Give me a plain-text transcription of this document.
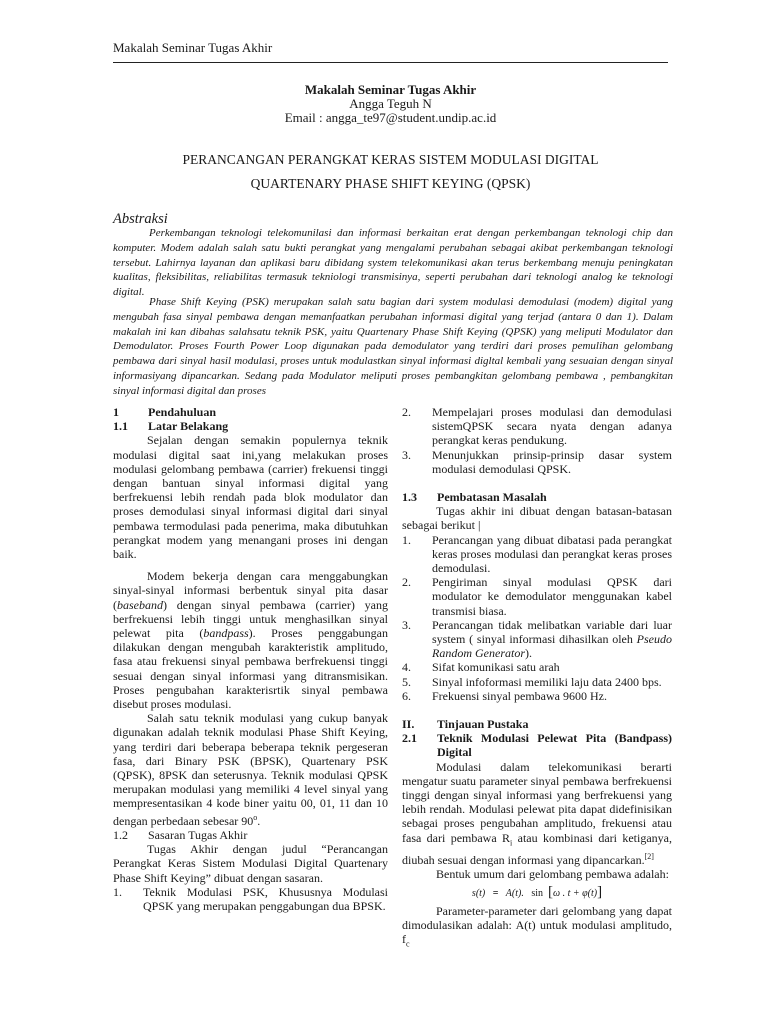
Makalah Seminar Tugas Akhir
Makalah Seminar Tugas Akhir
Angga Teguh N
Email : angga_te97@student.undip.ac.id
PERANCANGAN PERANGKAT KERAS SISTEM MODULASI DIGITAL
QUARTENARY PHASE SHIFT KEYING (QPSK)
Abstraksi
Perkembangan teknologi telekomunilasi dan informasi berkaitan erat dengan perkembangan teknologi chip dan komputer. Modem adalah salah satu bukti perangkat yang mengalami perubahan sebagai akibat perkembangan teknologi tersebut. Lahirnya layanan dan aplikasi baru dibidang system telekomunikasi akan terus berkembang menuju peningkatan kualitas, fleksibilitas, reliabilitas termasuk tekniologi transmisinya, seperti perubahan dari teknologi analog ke teknologi digital.
Phase Shift Keying (PSK) merupakan salah satu bagian dari system modulasi demodulasi (modem) digital yang mengubah fasa sinyal pembawa dengan memanfaatkan perubahan informasi digital yang terjad (antara 0 dan 1). Dalam makalah ini kan dibahas salahsatu teknik PSK, yaitu Quartenary Phase Shift Keying (QPSK) yang meliputi Modulator dan Demodulator. Proses Fourth Power Loop digunakan pada demodulator yang terdiri dari proses pemulihan gelombang pembawa dari sinyal hasil modulasi, proses untuk modulastkan sinyal informasi digltal kembali yang sesuaian dengan sinyal informasiyang dipancarkan. Sedang pada Modulator meliputi proses pembangkitan gelombang pembawa , pembangkitan sinyal informasi digital dan proses
1	Pendahuluan
1.1	Latar Belakang

Sejalan dengan semakin populernya teknik modulasi digital saat ini,yang melakukan proses modulasi gelombang pembawa (carrier) frekuensi tinggi dengan bantuan sinyal informasi digital yang berfrekuensi lebih rendah pada blok modulator dan proses demodulasi sinyal informasi digital dari sinyal pembawa termodulasi pada penerima, maka dibutuhkan perangkat modem yang menangani proses ini dengan baik.

Modem bekerja dengan cara menggabungkan sinyal-sinyal informasi berbentuk sinyal pita dasar (baseband) dengan sinyal pembawa (carrier) yang berfrekuensi lebih tinggi untuk menghasilkan sinyal pelewat pita (bandpass). Proses penggabungan dilakukan dengan mengubah karakteristik amplitudo, fasa atau frekuensi sinyal pembawa berfrekuensi tinggi sesuai dengan sinyal informasi yang ditransmisikan. Proses pengubahan karakterisrtik sinyal pembawa disebut proses modulasi.

Salah satu teknik modulasi yang cukup banyak digunakan adalah teknik modulasi Phase Shift Keying, yang terdiri dari beberapa beberapa teknik pergeseran fasa, dari Binary PSK (BPSK), Quartenary PSK (QPSK), 8PSK dan seterusnya. Teknik modulasi QPSK merupakan modulasi yang memiliki 4 level sinyal yang mempresentasikan 4 kode biner yaitu 00, 01, 11 dan 10 dengan perbedaan sebesar 90$^o$.

1.2	Sasaran Tugas Akhir

Tugas Akhir dengan judul “Perancangan Perangkat Keras Sistem Modulasi Digital Quartenary Phase Shift Keying” dibuat dengan sasaran.

1.	Teknik Modulasi PSK, Khususnya Modulasi QPSK yang merupakan penggabungan dua BPSK.
2.	Mempelajari proses modulasi dan demodulasi sistemQPSK secara nyata dengan adanya perangkat keras pendukung.
3.	Menunjukkan prinsip-prinsip dasar system modulasi demodulasi QPSK.
1.3	Pembatasan Masalah

Tugas akhir ini dibuat dengan batasan-batasan sebagai berikut |

1.	Perancangan yang dibuat dibatasi pada perangkat keras proses modulasi dan perangkat keras proses demodulasi.
2.	Pengiriman sinyal modulasi QPSK dari modulator ke demodulator menggunakan kabel transmisi biasa.
3.	Perancangan tidak melibatkan variable dari luar system ( sinyal informasi dihasilkan oleh Pseudo Random Generator).
4.	Sifat komunikasi satu arah
5.	Sinyal infoformasi memiliki laju data 2400 bps.
6.	Frekuensi sinyal pembawa 9600 Hz.
II.	Tinjauan Pustaka
2.1	Teknik Modulasi Pelewat Pita (Bandpass) Digital

Modulasi dalam telekomunikasi berarti mengatur suatu parameter sinyal pembawa berfrekuensi tinggi dengan sinyal informasi yang berfrekuensi yang lebih rendah. Modulasi pelewat pita dapat didefinisikan sebagai proses pengubahan amplitudo, frekuensi atau fasa dari pembawa $R_i$ atau kombinasi dari ketiganya, diubah sesuai dengan informasi yang dipancarkan.[2]

Bentuk umum dari gelombang pembawa adalah:

s(t) = A(t). sin [ω . t + φ(t)]

Parameter-parameter dari gelombang yang dapat dimodulasikan adalah: A(t) untuk modulasi amplitudo, $f_c$
